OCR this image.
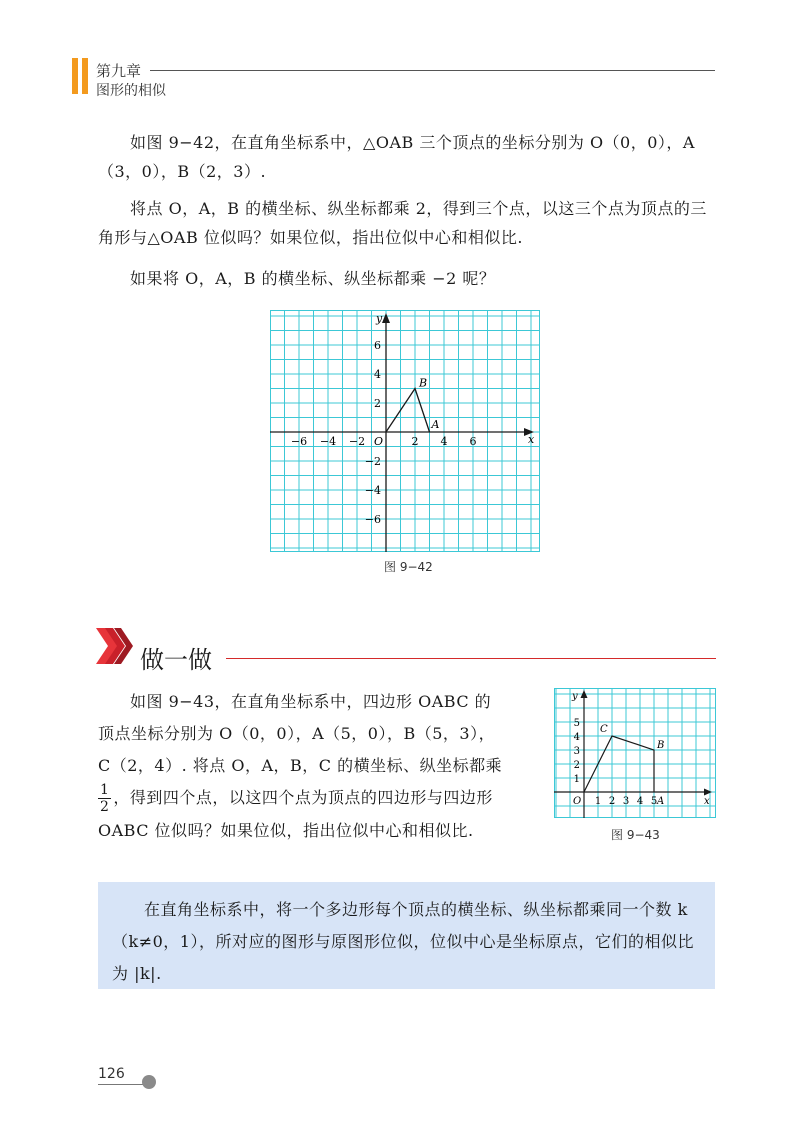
第九章
图形的相似

如图 9−42，在直角坐标系中，△OAB 三个顶点的坐标分别为 O（0，0），A（3，0），B（2，3）.

将点 O，A，B 的横坐标、纵坐标都乘 2，得到三个点，以这三个点为顶点的三角形与△OAB 位似吗？如果位似，指出位似中心和相似比.

如果将 O，A，B 的横坐标、纵坐标都乘 −2 呢？

x
y
O
−6 −4 −2	2 4 6
6
4
2
−2
−4
−6
B
A
图 9−42
做一做
如图 9−43，在直角坐标系中，四边形 OABC 的
顶点坐标分别为 O（0，0），A（5，0），B（5，3），
C（2，4）. 将点 O，A，B，C 的横坐标、纵坐标都乘
$\frac{1}{2}$ ，得到四个点，以这四个点为顶点的四边形与四边形
OABC 位似吗？如果位似，指出位似中心和相似比.
x
y
O 1 2 3 4 5
1
2
3
4
5
C
B
A
图 9−43

在直角坐标系中，将一个多边形每个顶点的横坐标、纵坐标都乘同一个数 k（k≠0，1），所对应的图形与原图形位似，位似中心是坐标原点，它们的相似比为 |k|.

126
